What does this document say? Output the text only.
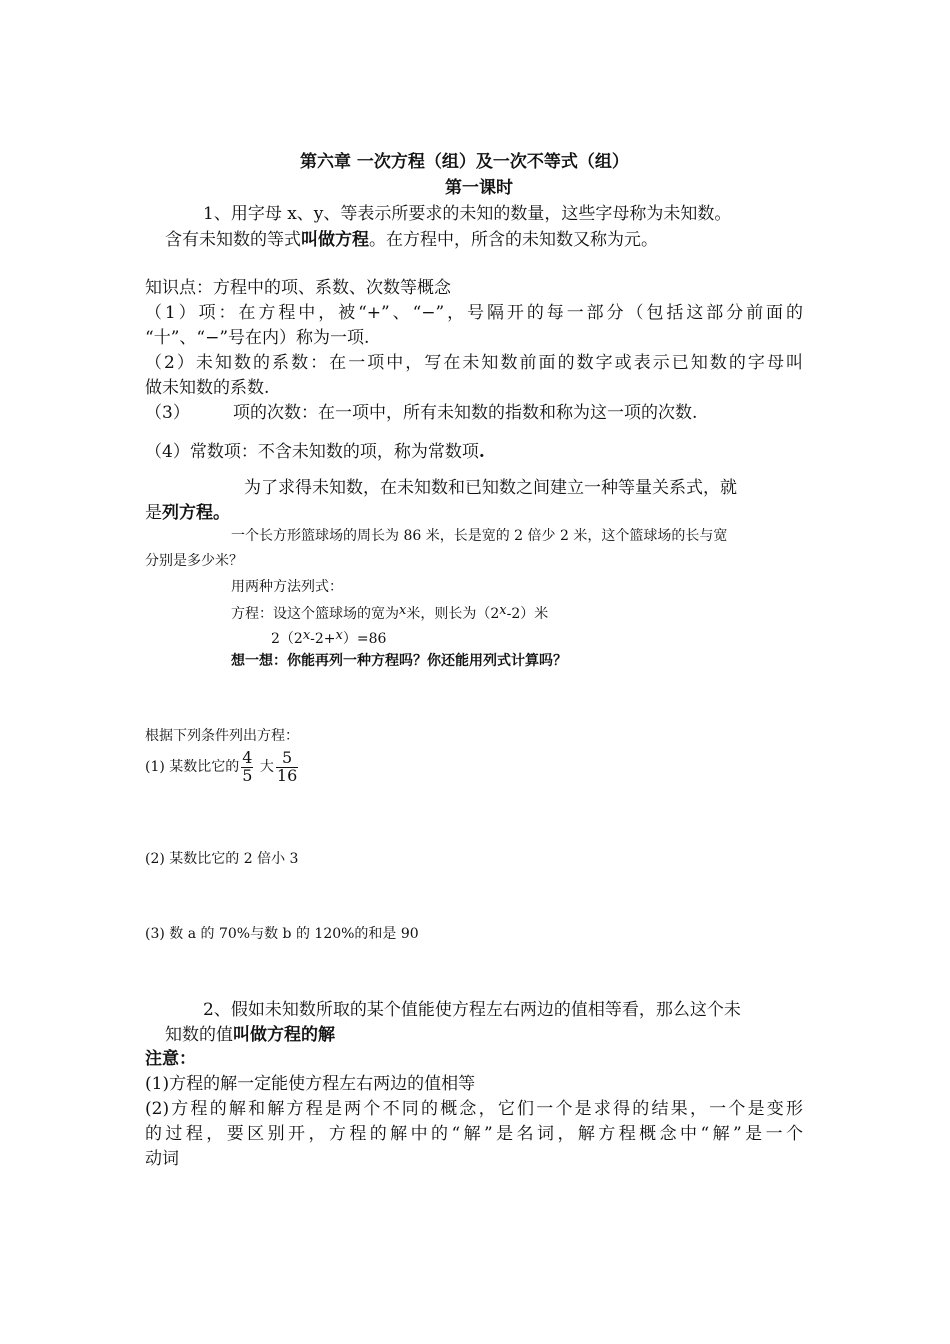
第六章 一次方程（组）及一次不等式（组）
第一课时
1、用字母 x、y、等表示所要求的未知的数量，这些字母称为未知数。
含有未知数的等式叫做方程。在方程中，所含的未知数又称为元。
知识点：方程中的项、系数、次数等概念
（1）项：在方程中，被“+”、“−”，号隔开的每一部分（包括这部分前面的
“十”、“−”号在内）称为一项.
（2）未知数的系数：在一项中，写在未知数前面的数字或表示已知数的字母叫
做未知数的系数.
（3）	项的次数：在一项中，所有未知数的指数和称为这一项的次数.
（4）常数项：不含未知数的项，称为常数项.
为了求得未知数，在未知数和已知数之间建立一种等量关系式，就
是列方程。
一个长方形篮球场的周长为 86 米，长是宽的 2 倍少 2 米，这个篮球场的长与宽
分别是多少米？
用两种方法列式：
方程：设这个篮球场的宽为x米，则长为（2x-2）米
2（2x-2+x）=86
想一想：你能再列一种方程吗？你还能用列式计算吗？
根据下列条件列出方程：
(1) 某数比它的 $\frac{4}{5}$ 大 $\frac{5}{16}$
(2) 某数比它的 2 倍小 3
(3) 数 a 的 70%与数 b 的 120%的和是 90
2、假如未知数所取的某个值能使方程左右两边的值相等看，那么这个未
知数的值叫做方程的解
注意：
(1)方程的解一定能使方程左右两边的值相等
(2)方程的解和解方程是两个不同的概念，它们一个是求得的结果，一个是变形
的过程，要区别开，方程的解中的“解”是名词，解方程概念中“解”是一个
动词
